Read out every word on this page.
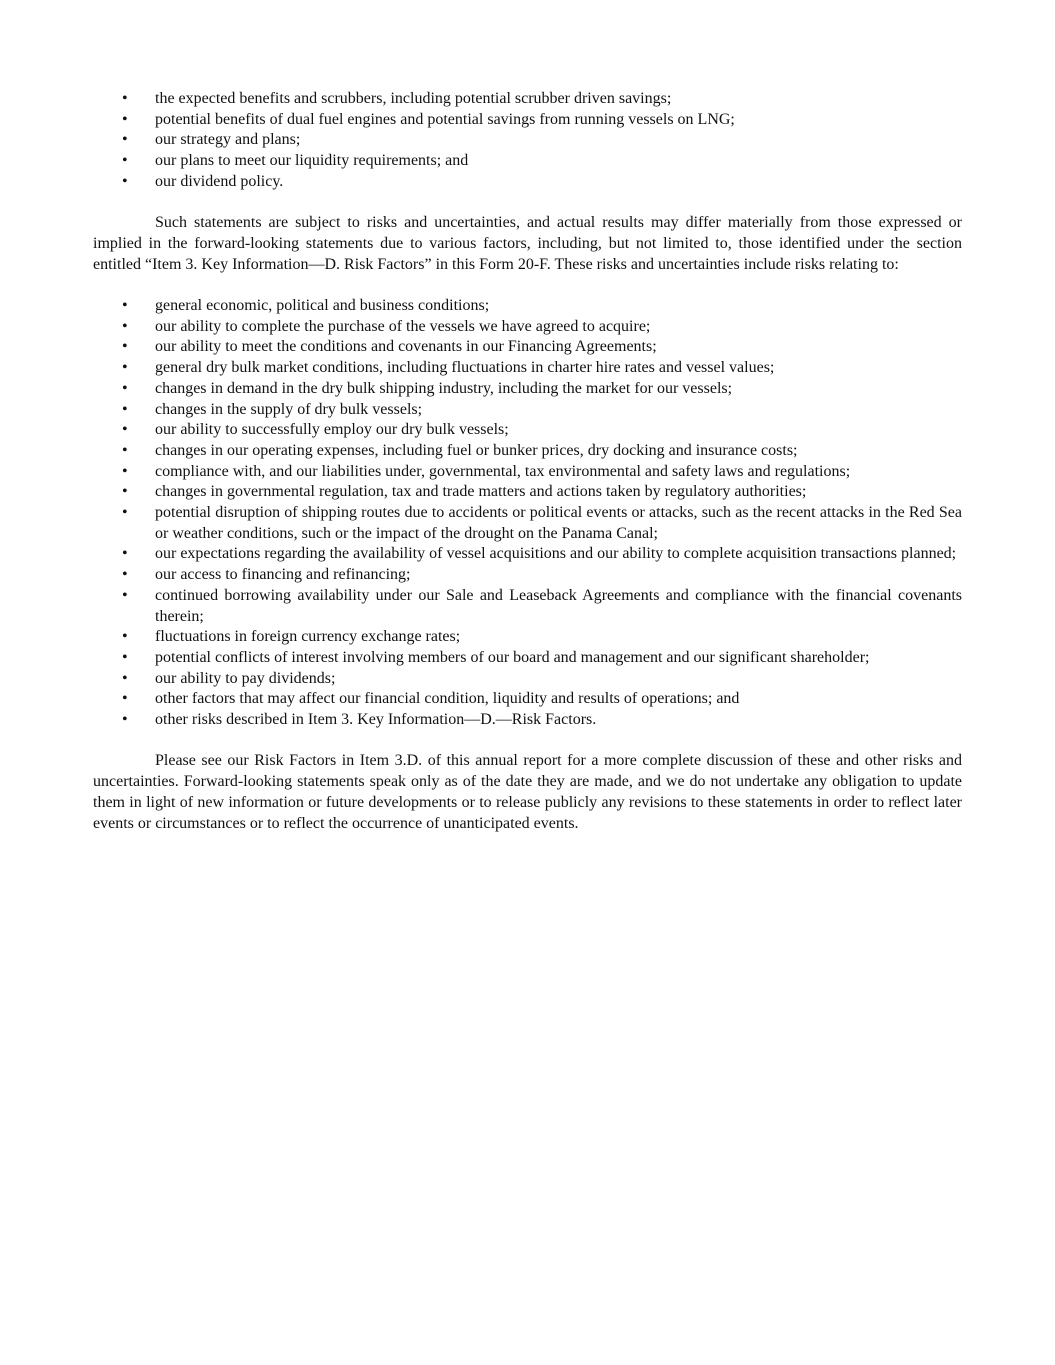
• the expected benefits and scrubbers, including potential scrubber driven savings;
• potential benefits of dual fuel engines and potential savings from running vessels on LNG;
• our strategy and plans;
• our plans to meet our liquidity requirements; and
• our dividend policy.

Such statements are subject to risks and uncertainties, and actual results may differ materially from those expressed or implied in the forward-looking statements due to various factors, including, but not limited to, those identified under the section entitled “Item 3. Key Information—D. Risk Factors” in this Form 20-F. These risks and uncertainties include risks relating to:

• general economic, political and business conditions;
• our ability to complete the purchase of the vessels we have agreed to acquire;
• our ability to meet the conditions and covenants in our Financing Agreements;
• general dry bulk market conditions, including fluctuations in charter hire rates and vessel values;
• changes in demand in the dry bulk shipping industry, including the market for our vessels;
• changes in the supply of dry bulk vessels;
• our ability to successfully employ our dry bulk vessels;
• changes in our operating expenses, including fuel or bunker prices, dry docking and insurance costs;
• compliance with, and our liabilities under, governmental, tax environmental and safety laws and regulations;
• changes in governmental regulation, tax and trade matters and actions taken by regulatory authorities;
• potential disruption of shipping routes due to accidents or political events or attacks, such as the recent attacks in the Red Sea or weather conditions, such or the impact of the drought on the Panama Canal;
• our expectations regarding the availability of vessel acquisitions and our ability to complete acquisition transactions planned;
• our access to financing and refinancing;
• continued borrowing availability under our Sale and Leaseback Agreements and compliance with the financial covenants therein;
• fluctuations in foreign currency exchange rates;
• potential conflicts of interest involving members of our board and management and our significant shareholder;
• our ability to pay dividends;
• other factors that may affect our financial condition, liquidity and results of operations; and
• other risks described in Item 3. Key Information—D.—Risk Factors.

Please see our Risk Factors in Item 3.D. of this annual report for a more complete discussion of these and other risks and uncertainties. Forward-looking statements speak only as of the date they are made, and we do not undertake any obligation to update them in light of new information or future developments or to release publicly any revisions to these statements in order to reflect later events or circumstances or to reflect the occurrence of unanticipated events.
